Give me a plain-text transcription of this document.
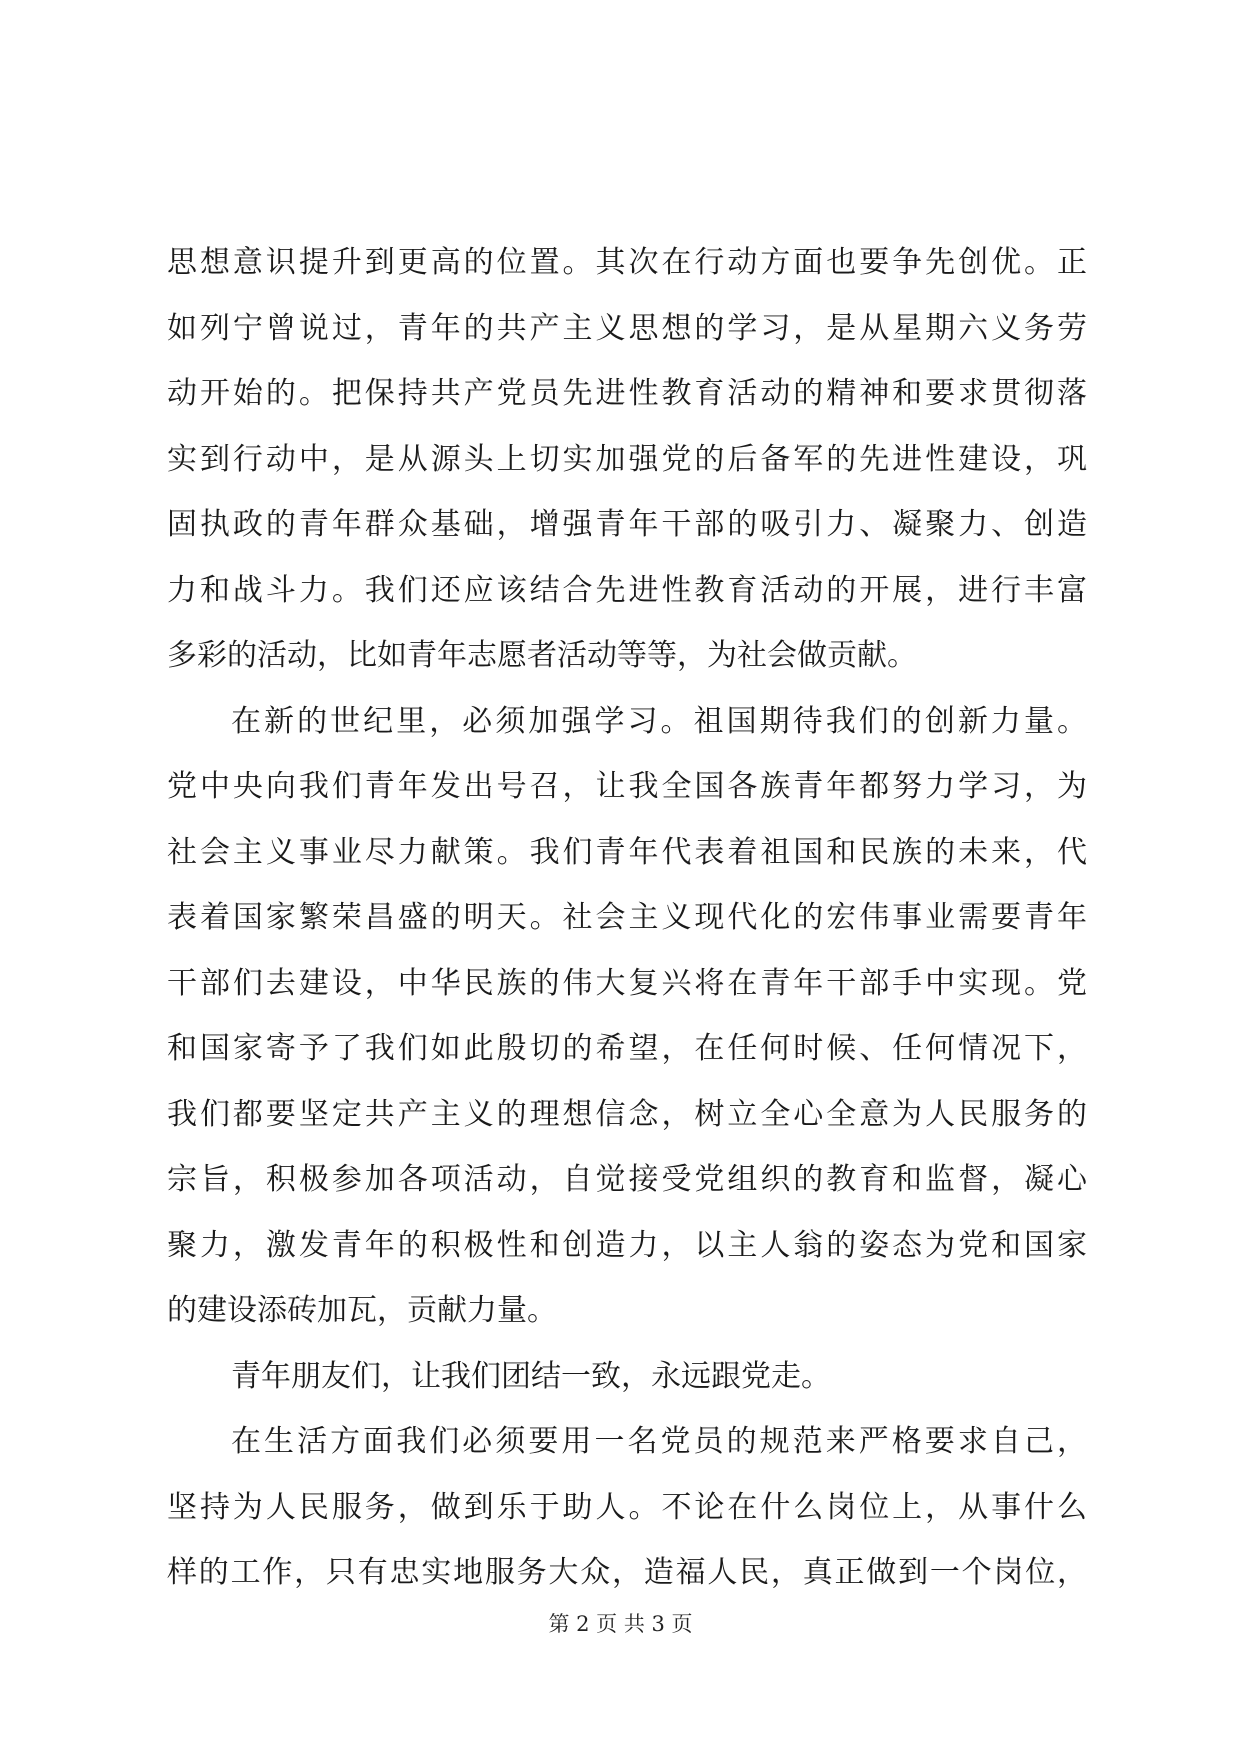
思想意识提升到更高的位置。其次在行动方面也要争先创优。正
如列宁曾说过，青年的共产主义思想的学习，是从星期六义务劳
动开始的。把保持共产党员先进性教育活动的精神和要求贯彻落
实到行动中，是从源头上切实加强党的后备军的先进性建设，巩
固执政的青年群众基础，增强青年干部的吸引力、凝聚力、创造
力和战斗力。我们还应该结合先进性教育活动的开展，进行丰富
多彩的活动，比如青年志愿者活动等等，为社会做贡献。
在新的世纪里，必须加强学习。祖国期待我们的创新力量。
党中央向我们青年发出号召，让我全国各族青年都努力学习，为
社会主义事业尽力献策。我们青年代表着祖国和民族的未来，代
表着国家繁荣昌盛的明天。社会主义现代化的宏伟事业需要青年
干部们去建设，中华民族的伟大复兴将在青年干部手中实现。党
和国家寄予了我们如此殷切的希望，在任何时候、任何情况下，
我们都要坚定共产主义的理想信念，树立全心全意为人民服务的
宗旨，积极参加各项活动，自觉接受党组织的教育和监督，凝心
聚力，激发青年的积极性和创造力，以主人翁的姿态为党和国家
的建设添砖加瓦，贡献力量。
青年朋友们，让我们团结一致，永远跟党走。
在生活方面我们必须要用一名党员的规范来严格要求自己，
坚持为人民服务，做到乐于助人。不论在什么岗位上，从事什么
样的工作，只有忠实地服务大众，造福人民，真正做到一个岗位，
第 2 页 共 3 页
